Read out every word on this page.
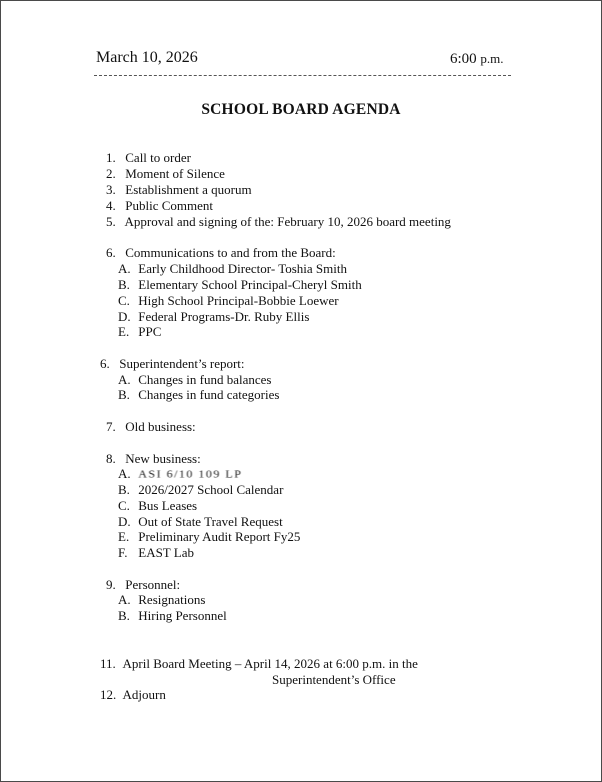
March 10, 2026	6:00 p.m.
SCHOOL BOARD AGENDA
1. Call to order
2. Moment of Silence
3. Establishment a quorum
4. Public Comment
5. Approval and signing of the: February 10, 2026 board meeting
6. Communications to and from the Board:
A. Early Childhood Director- Toshia Smith
B. Elementary School Principal-Cheryl Smith
C. High School Principal-Bobbie Loewer
D. Federal Programs-Dr. Ruby Ellis
E. PPC
6. Superintendent’s report:
A. Changes in fund balances
B. Changes in fund categories
7. Old business:
8. New business:
A. ASI 6/10 109 LP
B. 2026/2027 School Calendar
C. Bus Leases
D. Out of State Travel Request
E. Preliminary Audit Report Fy25
F. EAST Lab
9. Personnel:
A. Resignations
B. Hiring Personnel
11. April Board Meeting – April 14, 2026 at 6:00 p.m. in the
Superintendent’s Office
12. Adjourn
